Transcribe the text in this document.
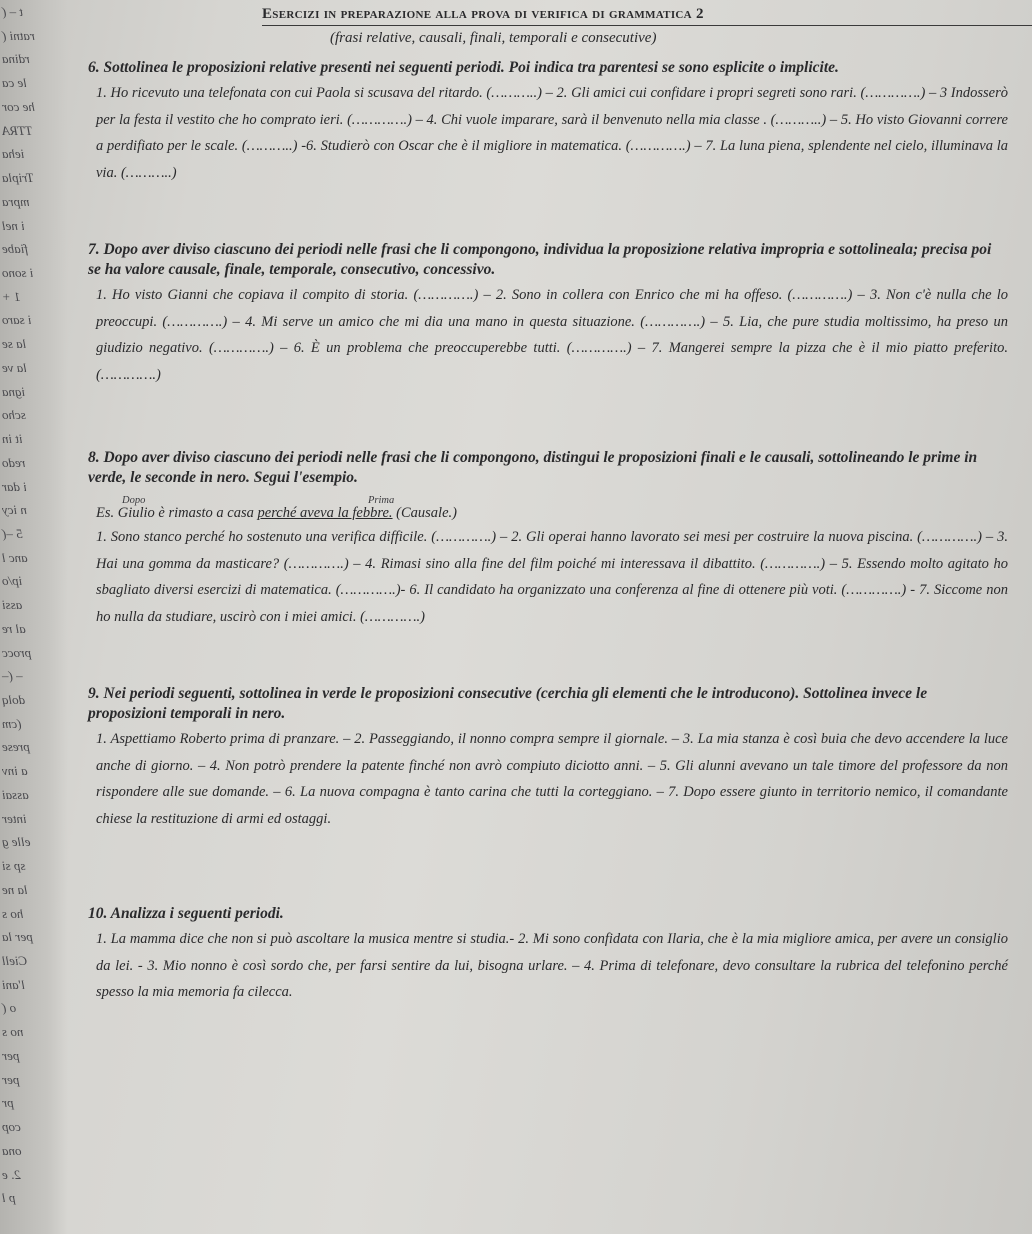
t – (
ratni (
rdina
le ca
he cor
TTRA
ieha
Tripla
mpra
i nel
fiabe
i sono
1 +
i saro
la se
la ve
igna
scho
it in
redo
i dar
n icy
5 –(
anc l
ip/o
assi
al re
procc
– (–
dolq
(cm
prese
a inv
assai
inter
elle g
sp si
la ne
ho s
per la
Ciell
l'ani
o (
no s
per
per
pr
cop
ona
2. e
p l
Esercizi in preparazione alla prova di verifica di grammatica 2
(frasi relative, causali, finali, temporali e consecutive)

6. Sottolinea le proposizioni relative presenti nei seguenti periodi. Poi indica tra parentesi se sono esplicite o implicite.

1. Ho ricevuto una telefonata con cui Paola si scusava del ritardo. (………..) – 2. Gli amici cui confidare i propri segreti sono rari. (………….) – 3 Indosserò per la festa il vestito che ho comprato ieri. (………….) – 4. Chi vuole imparare, sarà il benvenuto nella mia classe . (………..) – 5. Ho visto Giovanni correre a perdifiato per le scale. (………..) -6. Studierò con Oscar che è il migliore in matematica. (………….) – 7. La luna piena, splendente nel cielo, illuminava la via. (………..)

7. Dopo aver diviso ciascuno dei periodi nelle frasi che li compongono, individua la proposizione relativa impropria e sottolineala; precisa poi se ha valore causale, finale, temporale, consecutivo, concessivo.

1. Ho visto Gianni che copiava il compito di storia. (………….) – 2. Sono in collera con Enrico che mi ha offeso. (………….) – 3. Non c'è nulla che lo preoccupi. (………….) – 4. Mi serve un amico che mi dia una mano in questa situazione. (………….) – 5. Lia, che pure studia moltissimo, ha preso un giudizio negativo. (………….) – 6. È un problema che preoccuperebbe tutti. (………….) – 7. Mangerei sempre la pizza che è il mio piatto preferito. (………….)

8. Dopo aver diviso ciascuno dei periodi nelle frasi che li compongono, distingui le proposizioni finali e le causali, sottolineando le prime in verde, le seconde in nero. Segui l'esempio.

Prima
Dopo
Es. Giulio è rimasto a casa perché aveva la febbre. (Causale.)

1. Sono stanco perché ho sostenuto una verifica difficile. (………….) – 2. Gli operai hanno lavorato sei mesi per costruire la nuova piscina. (………….) – 3. Hai una gomma da masticare? (………….) – 4. Rimasi sino alla fine del film poiché mi interessava il dibattito. (………….) – 5. Essendo molto agitato ho sbagliato diversi esercizi di matematica. (………….)- 6. Il candidato ha organizzato una conferenza al fine di ottenere più voti. (………….) - 7. Siccome non ho nulla da studiare, uscirò con i miei amici. (………….)

9. Nei periodi seguenti, sottolinea in verde le proposizioni consecutive (cerchia gli elementi che le introducono). Sottolinea invece le proposizioni temporali in nero.

1. Aspettiamo Roberto prima di pranzare. – 2. Passeggiando, il nonno compra sempre il giornale. – 3. La mia stanza è così buia che devo accendere la luce anche di giorno. – 4. Non potrò prendere la patente finché non avrò compiuto diciotto anni. – 5. Gli alunni avevano un tale timore del professore da non rispondere alle sue domande. – 6. La nuova compagna è tanto carina che tutti la corteggiano. – 7. Dopo essere giunto in territorio nemico, il comandante chiese la restituzione di armi ed ostaggi.

10. Analizza i seguenti periodi.

1. La mamma dice che non si può ascoltare la musica mentre si studia.- 2. Mi sono confidata con Ilaria, che è la mia migliore amica, per avere un consiglio da lei. - 3. Mio nonno è così sordo che, per farsi sentire da lui, bisogna urlare. – 4. Prima di telefonare, devo consultare la rubrica del telefonino perché spesso la mia memoria fa cilecca.
